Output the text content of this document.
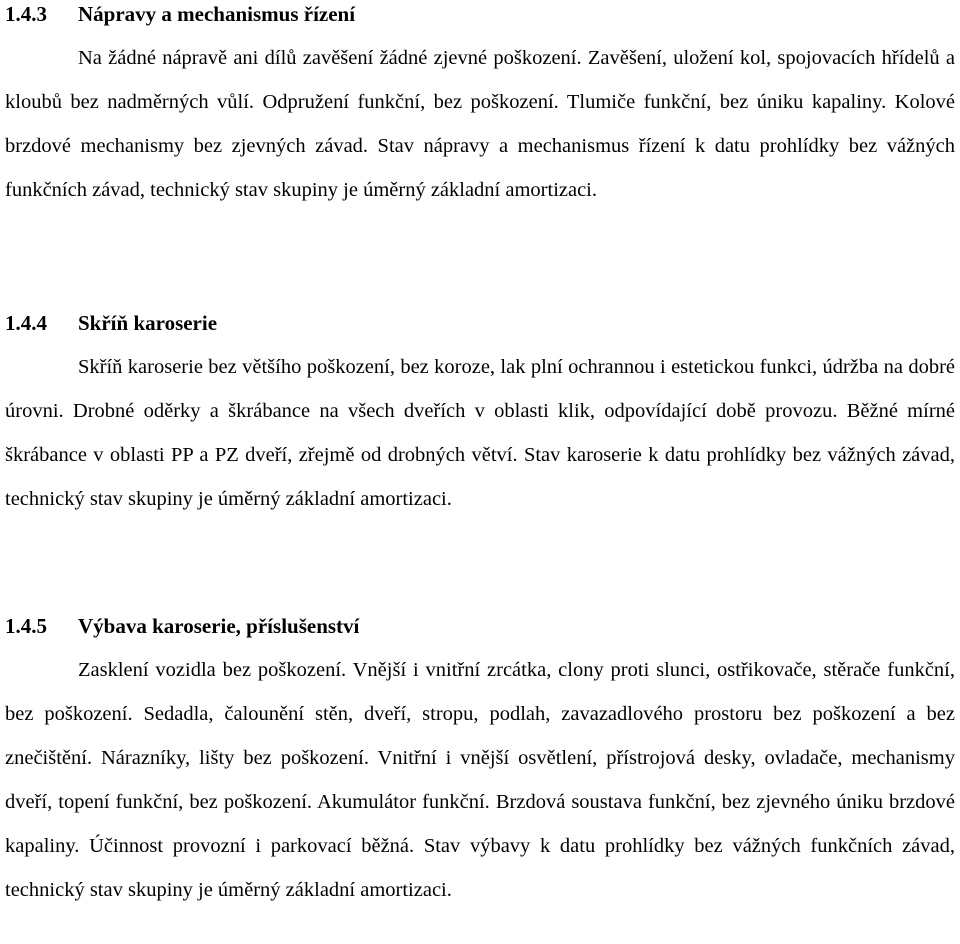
1.4.3 Nápravy a mechanismus řízení

Na žádné nápravě ani dílů zavěšení žádné zjevné poškození. Zavěšení, uložení kol, spojovacích hřídelů a kloubů bez nadměrných vůlí. Odpružení funkční, bez poškození. Tlumiče funkční, bez úniku kapaliny. Kolové brzdové mechanismy bez zjevných závad. Stav nápravy a mechanismus řízení k datu prohlídky bez vážných funkčních závad, technický stav skupiny je úměrný základní amortizaci.

1.4.4 Skříň karoserie

Skříň karoserie bez většího poškození, bez koroze, lak plní ochrannou i estetickou funkci, údržba na dobré úrovni. Drobné oděrky a škrábance na všech dveřích v oblasti klik, odpovídající době provozu. Běžné mírné škrábance v oblasti PP a PZ dveří, zřejmě od drobných větví. Stav karoserie k datu prohlídky bez vážných závad, technický stav skupiny je úměrný základní amortizaci.

1.4.5 Výbava karoserie, příslušenství

Zasklení vozidla bez poškození. Vnější i vnitřní zrcátka, clony proti slunci, ostřikovače, stěrače funkční, bez poškození. Sedadla, čalounění stěn, dveří, stropu, podlah, zavazadlového prostoru bez poškození a bez znečištění. Nárazníky, lišty bez poškození. Vnitřní i vnější osvětlení, přístrojová desky, ovladače, mechanismy dveří, topení funkční, bez poškození. Akumulátor funkční. Brzdová soustava funkční, bez zjevného úniku brzdové kapaliny. Účinnost provozní i parkovací běžná. Stav výbavy k datu prohlídky bez vážných funkčních závad, technický stav skupiny je úměrný základní amortizaci.
